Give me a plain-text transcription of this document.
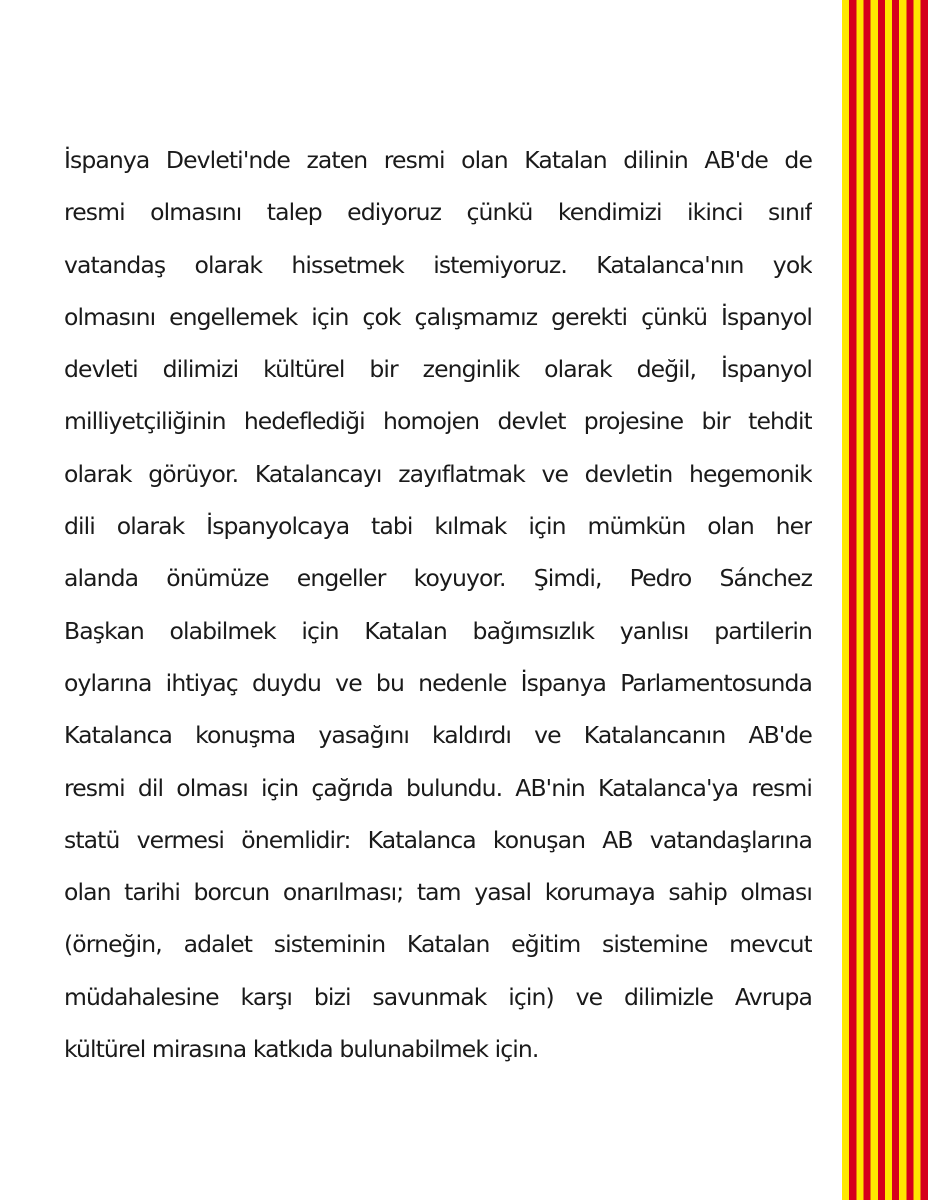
İspanya Devleti'nde zaten resmi olan Katalan dilinin AB'de de
resmi olmasını talep ediyoruz çünkü kendimizi ikinci sınıf
vatandaş olarak hissetmek istemiyoruz. Katalanca'nın yok
olmasını engellemek için çok çalışmamız gerekti çünkü İspanyol
devleti dilimizi kültürel bir zenginlik olarak değil, İspanyol
milliyetçiliğinin hedeflediği homojen devlet projesine bir tehdit
olarak görüyor. Katalancayı zayıflatmak ve devletin hegemonik
dili olarak İspanyolcaya tabi kılmak için mümkün olan her
alanda önümüze engeller koyuyor. Şimdi, Pedro Sánchez
Başkan olabilmek için Katalan bağımsızlık yanlısı partilerin
oylarına ihtiyaç duydu ve bu nedenle İspanya Parlamentosunda
Katalanca konuşma yasağını kaldırdı ve Katalancanın AB'de
resmi dil olması için çağrıda bulundu. AB'nin Katalanca'ya resmi
statü vermesi önemlidir: Katalanca konuşan AB vatandaşlarına
olan tarihi borcun onarılması; tam yasal korumaya sahip olması
(örneğin, adalet sisteminin Katalan eğitim sistemine mevcut
müdahalesine karşı bizi savunmak için) ve dilimizle Avrupa
kültürel mirasına katkıda bulunabilmek için.
